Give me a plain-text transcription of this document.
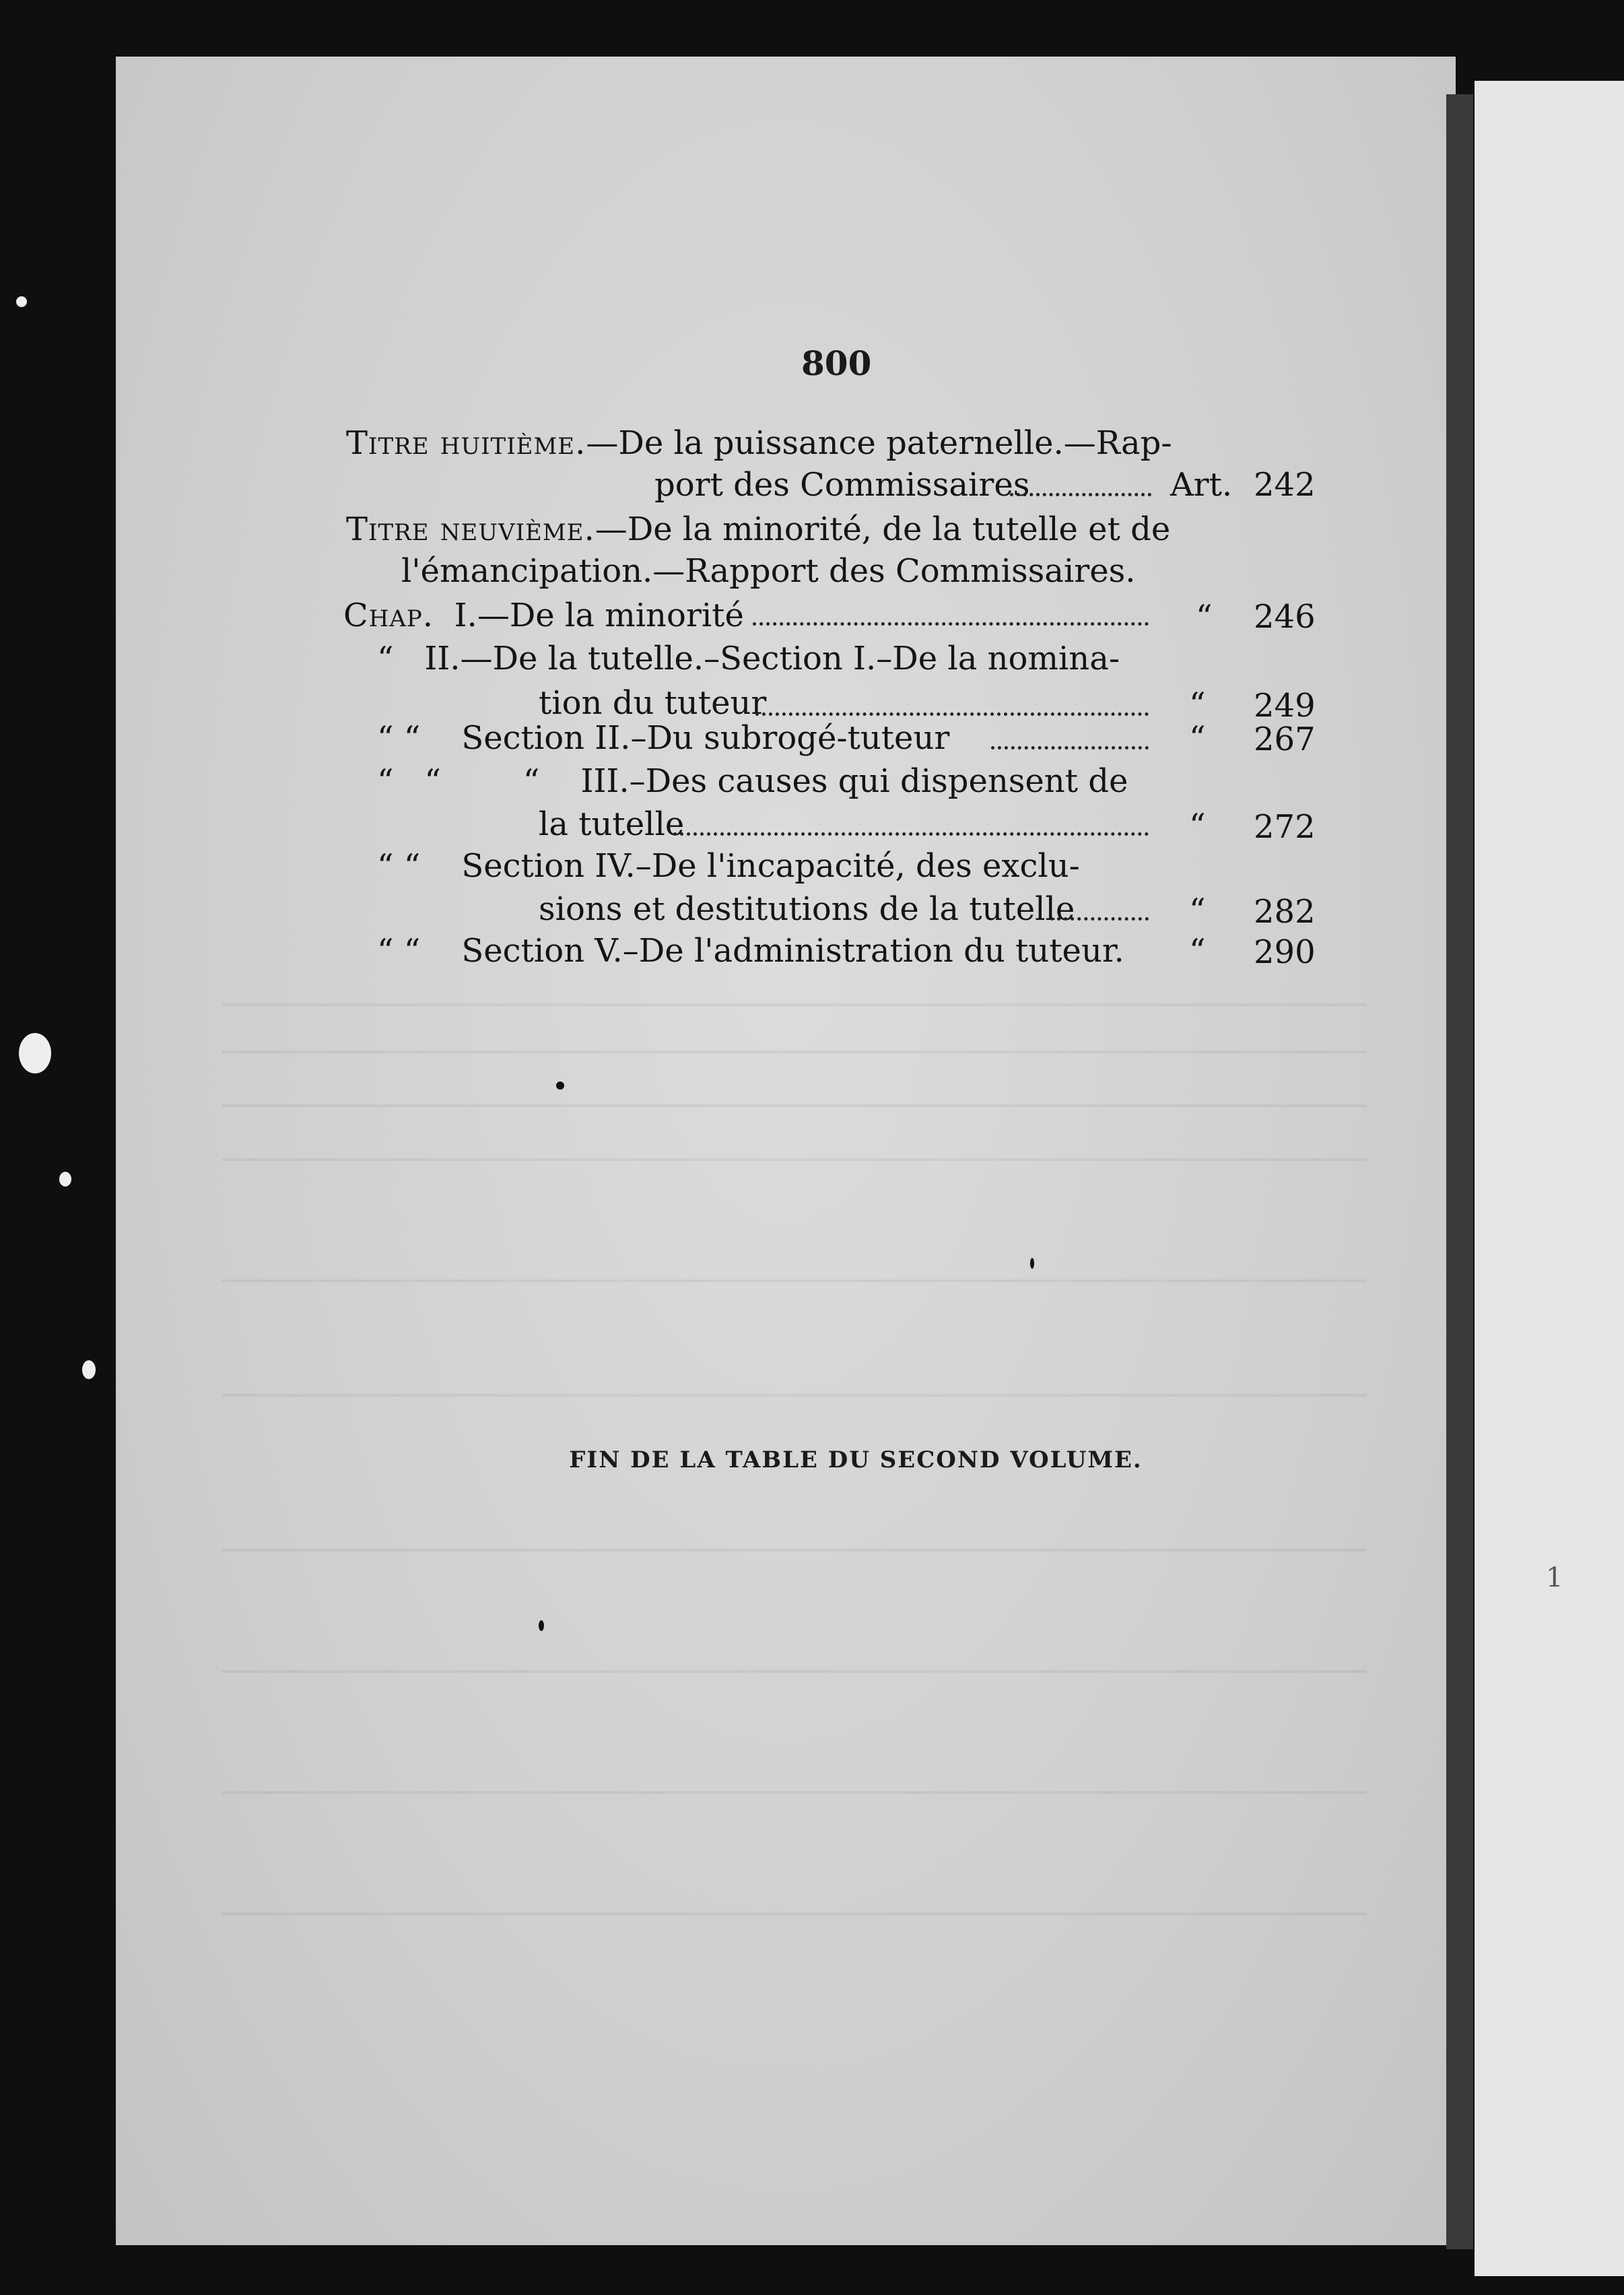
1
800
Titre huitième.—De la puissance paternelle.—Rap-
port des Commissaires	Art. 242
Titre neuvième.—De la minorité, de la tutelle et de
l'émancipation.—Rapport des Commissaires.
Chap. I.—De la minorité	“ 246
“ II.—De la tutelle.–Section I.–De la nomina-
tion du tuteur	“ 249
“ “ Section II.–Du subrogé-tuteur	“ 267
“   “        “ III.–Des causes qui dispensent de
la tutelle	“ 272
“ “ Section IV.–De l'incapacité, des exclu-
sions et destitutions de la tutelle	“ 282
“ “ Section V.–De l'administration du tuteur. “ 290
FIN DE LA TABLE DU SECOND VOLUME.
